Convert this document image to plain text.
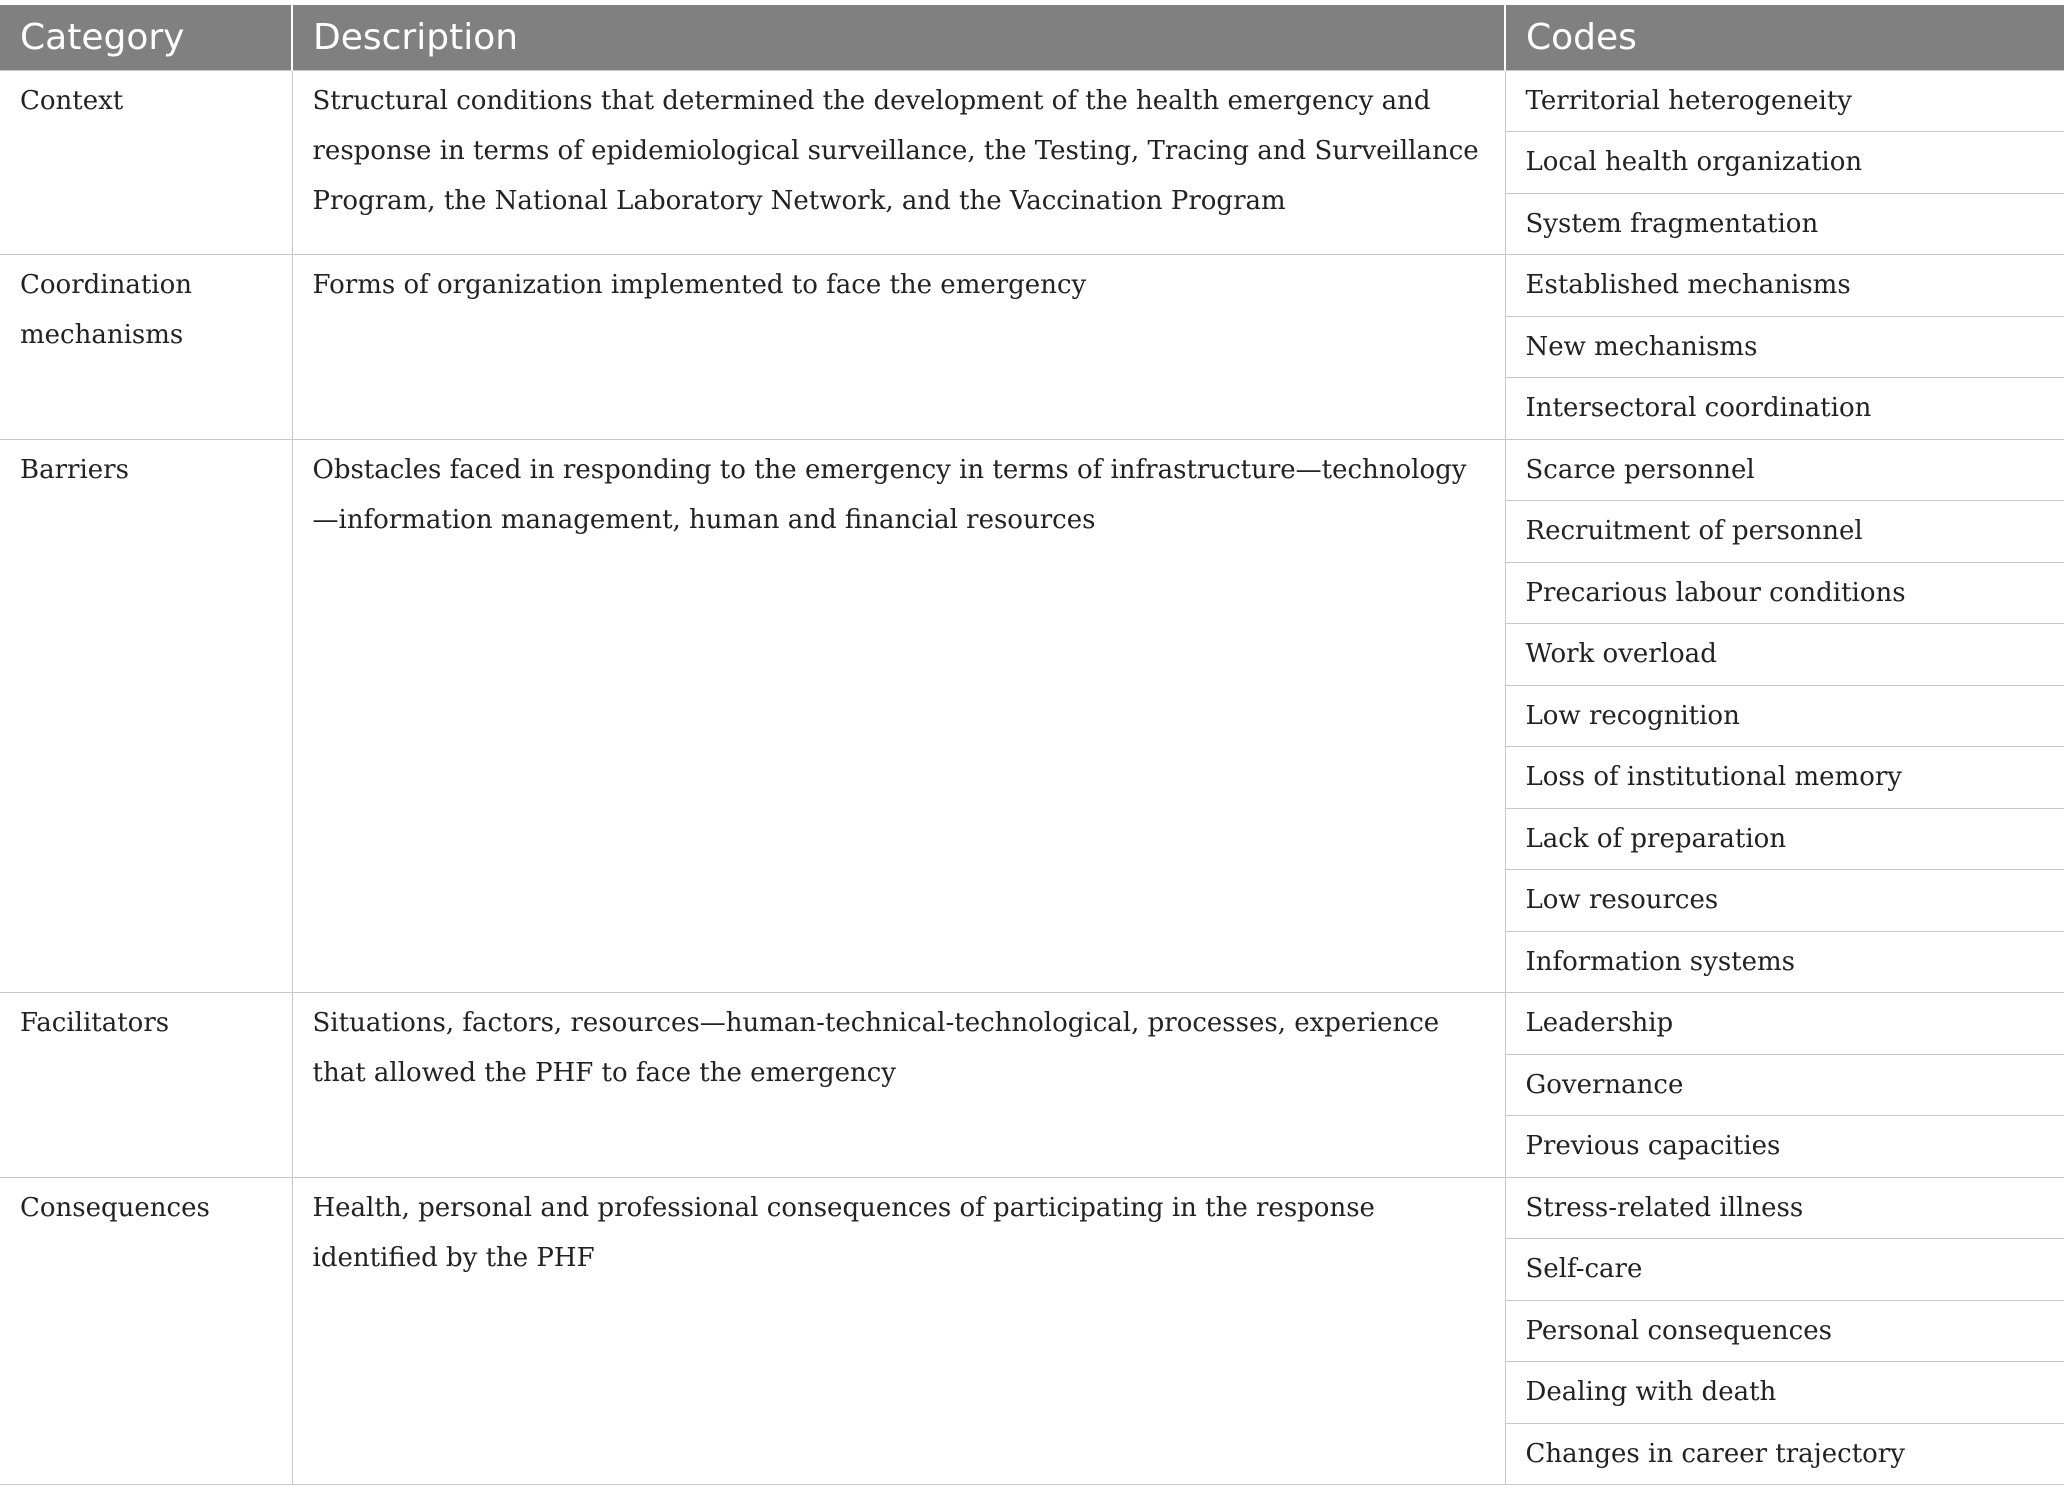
Category	Description	Codes
Context	Structural conditions that determined the development of the health emergency and response in terms of epidemiological surveillance, the Testing, Tracing and Surveillance Program, the National Laboratory Network, and the Vaccination Program	Territorial heterogeneity
		Local health organization
		System fragmentation
Coordination mechanisms	Forms of organization implemented to face the emergency	Established mechanisms
		New mechanisms
		Intersectoral coordination
Barriers	Obstacles faced in responding to the emergency in terms of infrastructure—technology—information management, human and financial resources	Scarce personnel
		Recruitment of personnel
		Precarious labour conditions
		Work overload
		Low recognition
		Loss of institutional memory
		Lack of preparation
		Low resources
		Information systems
Facilitators	Situations, factors, resources—human-technical-technological, processes, experience that allowed the PHF to face the emergency	Leadership
		Governance
		Previous capacities
Consequences	Health, personal and professional consequences of participating in the response identified by the PHF	Stress-related illness
		Self-care
		Personal consequences
		Dealing with death
		Changes in career trajectory
